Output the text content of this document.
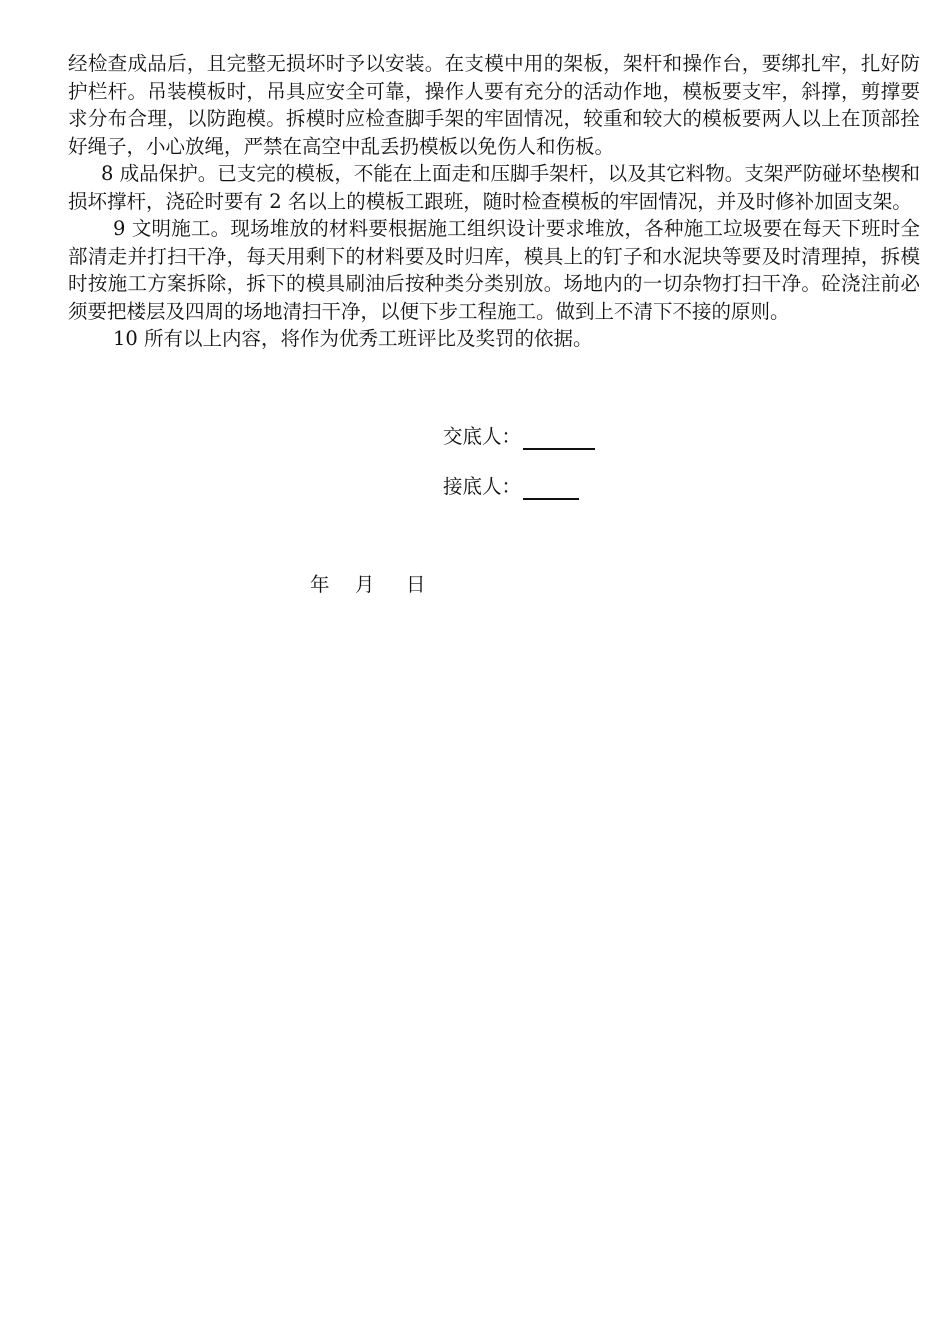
经检查成品后，且完整无损坏时予以安装。在支模中用的架板，架杆和操作台，要绑扎牢，扎好防护栏杆。吊装模板时，吊具应安全可靠，操作人要有充分的活动作地，模板要支牢，斜撑，剪撑要求分布合理，以防跑模。拆模时应检查脚手架的牢固情况，较重和较大的模板要两人以上在顶部拴好绳子，小心放绳，严禁在高空中乱丢扔模板以免伤人和伤板。

8 成品保护。已支完的模板，不能在上面走和压脚手架杆，以及其它料物。支架严防碰坏垫楔和损坏撑杆，浇砼时要有 2 名以上的模板工跟班，随时检查模板的牢固情况，并及时修补加固支架。

9 文明施工。现场堆放的材料要根据施工组织设计要求堆放，各种施工垃圾要在每天下班时全部清走并打扫干净，每天用剩下的材料要及时归库，模具上的钉子和水泥块等要及时清理掉，拆模时按施工方案拆除，拆下的模具刷油后按种类分类别放。场地内的一切杂物打扫干净。砼浇注前必须要把楼层及四周的场地清扫干净，以便下步工程施工。做到上不清下不接的原则。

10 所有以上内容，将作为优秀工班评比及奖罚的依据。

交底人：
接底人：
年 月 日
